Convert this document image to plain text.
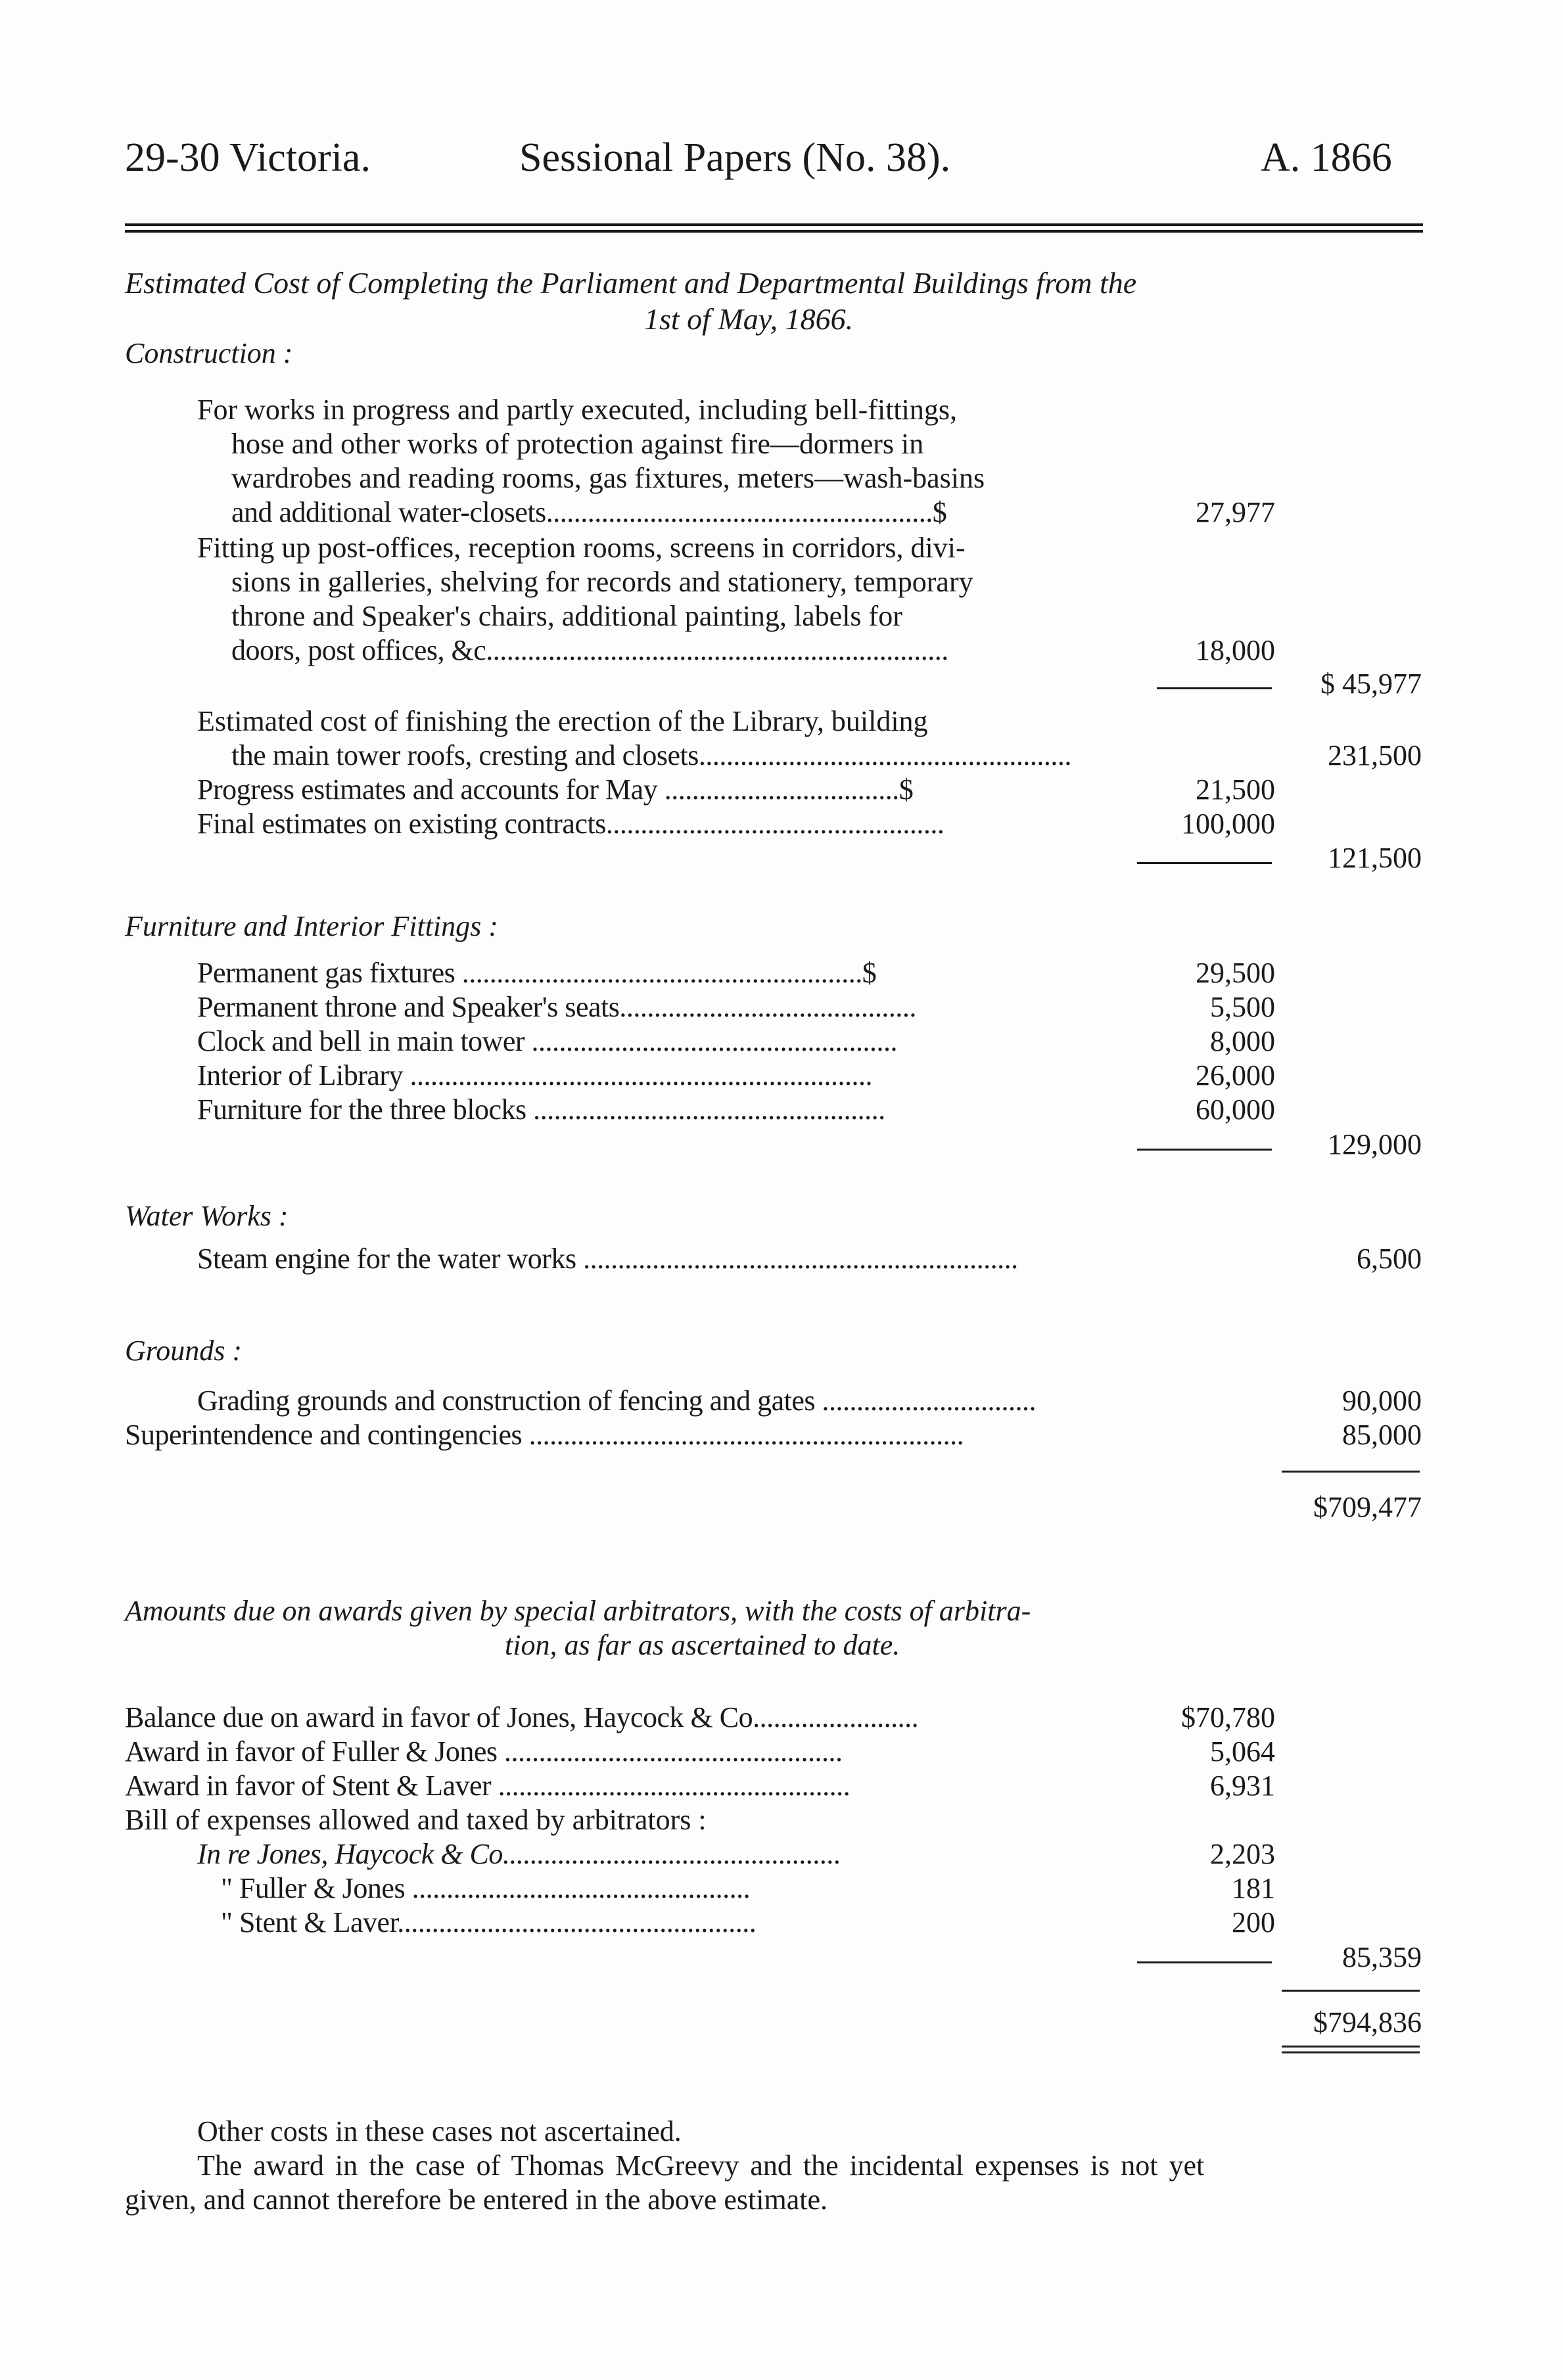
29-30 Victoria.	Sessional Papers (No. 38).	A. 1866
Estimated Cost of Completing the Parliament and Departmental Buildings from the
1st of May, 1866.
Construction :
For works in progress and partly executed, including bell-fittings,
hose and other works of protection against fire—dormers in
wardrobes and reading rooms, gas fixtures, meters—wash-basins
and additional water-closets........................................................$	27,977
Fitting up post-offices, reception rooms, screens in corridors, divi-
sions in galleries, shelving for records and stationery, temporary
throne and Speaker's chairs, additional painting, labels for
doors, post offices, &c...................................................................	18,000
$ 45,977
Estimated cost of finishing the erection of the Library, building
the main tower roofs, cresting and closets......................................................	231,500
Progress estimates and accounts for May ..................................$	21,500
Final estimates on existing contracts.................................................	100,000
121,500
Furniture and Interior Fittings :
Permanent gas fixtures ..........................................................$	29,500
Permanent throne and Speaker's seats...........................................	5,500
Clock and bell in main tower .....................................................	8,000
Interior of Library ...................................................................	26,000
Furniture for the three blocks ...................................................	60,000
129,000
Water Works :
Steam engine for the water works ...............................................................	6,500
Grounds :
Grading grounds and construction of fencing and gates ...............................	90,000
Superintendence and contingencies ...............................................................	85,000
$709,477
Amounts due on awards given by special arbitrators, with the costs of arbitra-
tion, as far as ascertained to date.
Balance due on award in favor of Jones, Haycock & Co........................	$70,780
Award in favor of Fuller & Jones .................................................	5,064
Award in favor of Stent & Laver ...................................................	6,931
Bill of expenses allowed and taxed by arbitrators :
In re Jones, Haycock & Co.................................................	2,203
" Fuller & Jones .................................................	181
" Stent & Laver....................................................	200
85,359
$794,836
Other costs in these cases not ascertained.
The award in the case of Thomas McGreevy and the incidental expenses is not yet
given, and cannot therefore be entered in the above estimate.
